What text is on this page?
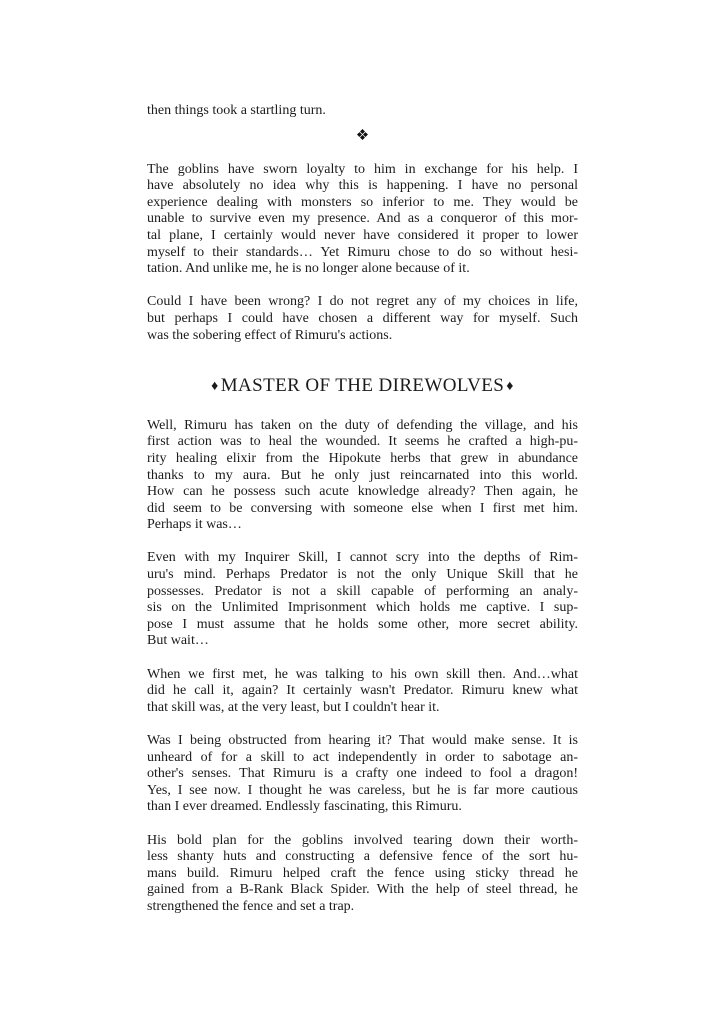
then things took a startling turn.

❖

The goblins have sworn loyalty to him in exchange for his help. I
have absolutely no idea why this is happening. I have no personal
experience dealing with monsters so inferior to me. They would be
unable to survive even my presence. And as a conqueror of this mor-
tal plane, I certainly would never have considered it proper to lower
myself to their standards… Yet Rimuru chose to do so without hesi-
tation. And unlike me, he is no longer alone because of it.

Could I have been wrong? I do not regret any of my choices in life,
but perhaps I could have chosen a different way for myself. Such
was the sobering effect of Rimuru's actions.

♦ MASTER OF THE DIREWOLVES ♦

Well, Rimuru has taken on the duty of defending the village, and his
first action was to heal the wounded. It seems he crafted a high-pu-
rity healing elixir from the Hipokute herbs that grew in abundance
thanks to my aura. But he only just reincarnated into this world.
How can he possess such acute knowledge already? Then again, he
did seem to be conversing with someone else when I first met him.
Perhaps it was…

Even with my Inquirer Skill, I cannot scry into the depths of Rim-
uru's mind. Perhaps Predator is not the only Unique Skill that he
possesses. Predator is not a skill capable of performing an analy-
sis on the Unlimited Imprisonment which holds me captive. I sup-
pose I must assume that he holds some other, more secret ability.
But wait…

When we first met, he was talking to his own skill then. And…what
did he call it, again? It certainly wasn't Predator. Rimuru knew what
that skill was, at the very least, but I couldn't hear it.

Was I being obstructed from hearing it? That would make sense. It is
unheard of for a skill to act independently in order to sabotage an-
other's senses. That Rimuru is a crafty one indeed to fool a dragon!
Yes, I see now. I thought he was careless, but he is far more cautious
than I ever dreamed. Endlessly fascinating, this Rimuru.

His bold plan for the goblins involved tearing down their worth-
less shanty huts and constructing a defensive fence of the sort hu-
mans build. Rimuru helped craft the fence using sticky thread he
gained from a B-Rank Black Spider. With the help of steel thread, he
strengthened the fence and set a trap.
